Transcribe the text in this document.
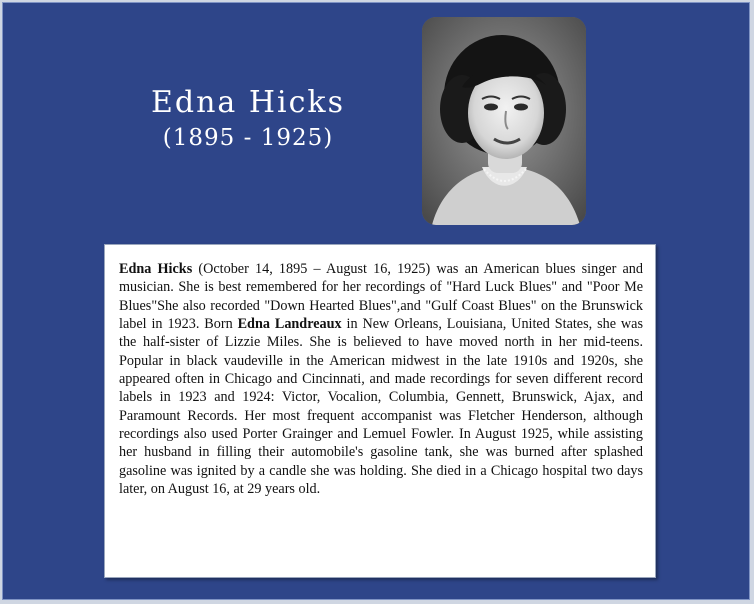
Edna Hicks
(1895 - 1925)

Edna Hicks (October 14, 1895 – August 16, 1925) was an American blues singer and musician. She is best remembered for her recordings of "Hard Luck Blues" and "Poor Me Blues"She also recorded "Down Hearted Blues",and "Gulf Coast Blues" on the Brunswick label in 1923. Born Edna Landreaux in New Orleans, Louisiana, United States, she was the half-sister of Lizzie Miles. She is believed to have moved north in her mid-teens. Popular in black vaudeville in the American midwest in the late 1910s and 1920s, she appeared often in Chicago and Cincinnati, and made recordings for seven different record labels in 1923 and 1924: Victor, Vocalion, Columbia, Gennett, Brunswick, Ajax, and Paramount Records. Her most frequent accompanist was Fletcher Henderson, although recordings also used Porter Grainger and Lemuel Fowler. In August 1925, while assisting her husband in filling their automobile's gasoline tank, she was burned after splashed gasoline was ignited by a candle she was holding. She died in a Chicago hospital two days later, on August 16, at 29 years old.
